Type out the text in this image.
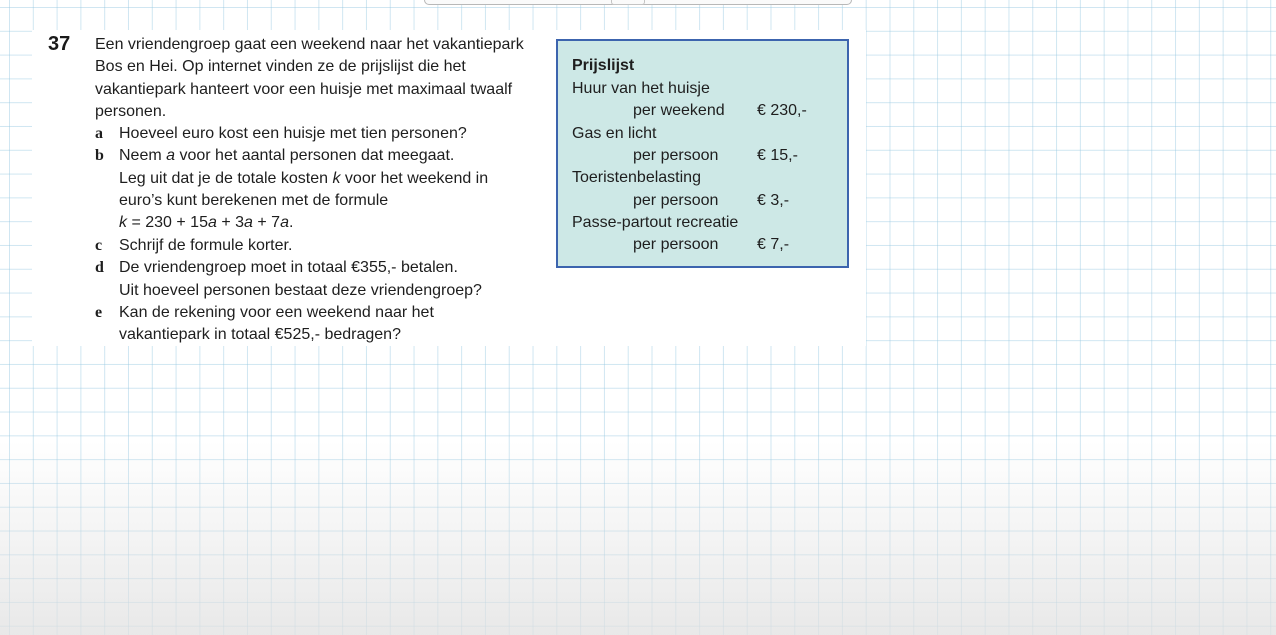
37 Een vriendengroep gaat een weekend naar het vakantiepark
Bos en Hei. Op internet vinden ze de prijslijst die het
vakantiepark hanteert voor een huisje met maximaal twaalf
personen.
a Hoeveel euro kost een huisje met tien personen?
b Neem a voor het aantal personen dat meegaat.
Leg uit dat je de totale kosten k voor het weekend in
euro’s kunt berekenen met de formule
k = 230 + 15a + 3a + 7a.
c Schrijf de formule korter.
d De vriendengroep moet in totaal €355,- betalen.
Uit hoeveel personen bestaat deze vriendengroep?
e Kan de rekening voor een weekend naar het
vakantiepark in totaal €525,- bedragen?
Prijslijst
Huur van het huisje
per weekend € 230,-
Gas en licht
per persoon € 15,-
Toeristenbelasting
per persoon € 3,-
Passe-partout recreatie
per persoon € 7,-
